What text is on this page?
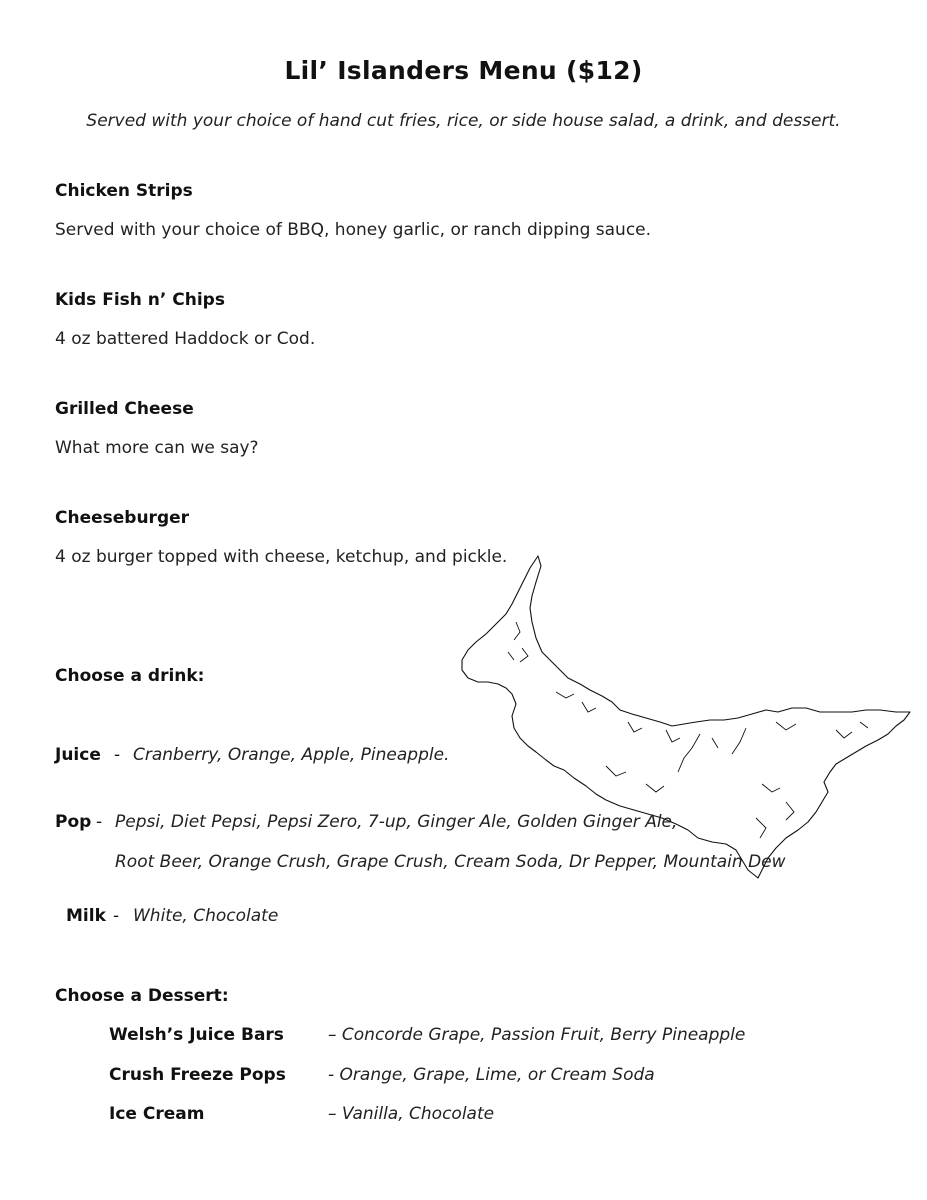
Lil’ Islanders Menu ($12)
Served with your choice of hand cut fries, rice, or side house salad, a drink, and dessert.
Chicken Strips
Served with your choice of BBQ, honey garlic, or ranch dipping sauce.
Kids Fish n’ Chips
4 oz battered Haddock or Cod.
Grilled Cheese
What more can we say?
Cheeseburger
4 oz burger topped with cheese, ketchup, and pickle.
Choose a drink:
Juice - Cranberry, Orange, Apple, Pineapple.
Pop - Pepsi, Diet Pepsi, Pepsi Zero, 7-up, Ginger Ale, Golden Ginger Ale,
Root Beer, Orange Crush, Grape Crush, Cream Soda, Dr Pepper, Mountain Dew
Milk - White, Chocolate
Choose a Dessert:
Welsh’s Juice Bars	– Concorde Grape, Passion Fruit, Berry Pineapple
Crush Freeze Pops - Orange, Grape, Lime, or Cream Soda
Ice Cream	– Vanilla, Chocolate
